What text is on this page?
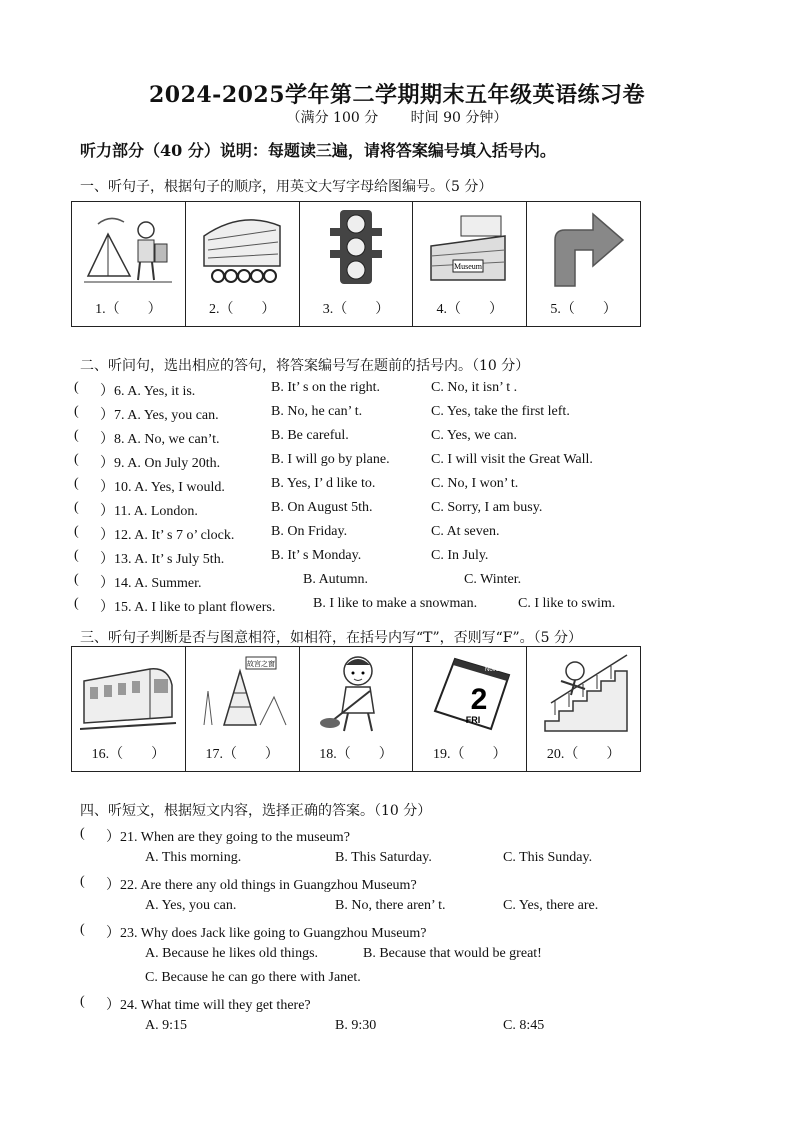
2024-2025学年第二学期期末五年级英语练习卷
（满分 100 分 时间 90 分钟）
听力部分（40 分）说明：每题读三遍，请将答案编号填入括号内。
一、听句子，根据句子的顺序，用英文大写字母给图编号。（5 分）
1.（　　）	2.（　　）	3.（　　）
Museum
4.（　　）	5.（　　）
二、听问句，选出相应的答句，将答案编号写在题前的括号内。（10 分）
( ）6. A. Yes, it is.	B. It’ s on the right.	C. No, it isn’ t .
( ）7. A. Yes, you can.	B. No, he can’ t.	C. Yes, take the first left.
( ）8. A. No, we can’t.	B. Be careful.	C. Yes, we can.
( ）9. A. On July 20th.	B. I will go by plane.	C. I will visit the Great Wall.
( ）10. A. Yes, I would.	B. Yes, I’ d like to.	C. No, I won’ t.
( ）11. A. London.	B. On August 5th.	C. Sorry, I am busy.
( ）12. A. It’ s 7 o’ clock.	B. On Friday.	C. At seven.
( ）13. A. It’ s July 5th.	B. It’ s Monday.	C. In July.
( ）14. A. Summer.	B. Autumn.	C. Winter.
( ）15. A. I like to plant flowers.	B. I like to make a snowman.	C. I like to swim.
三、听句子判断是否与图意相符，如相符，在括号内写“T”，否则写“F”。（5 分）
16.（　　）
故宫之窗
17.（　　）	18.（　　）
November
2
FRI
19.（　　）	20.（　　）
四、听短文，根据短文内容，选择正确的答案。（10 分）
( ）21. When are they going to the museum?
A. This morning.	B. This Saturday.	C. This Sunday.
( ）22. Are there any old things in Guangzhou Museum?
A. Yes, you can.	B. No, there aren’ t.	C. Yes, there are.
( ）23. Why does Jack like going to Guangzhou Museum?
A. Because he likes old things.	B. Because that would be great!
C. Because he can go there with Janet.
( ）24. What time will they get there?
A. 9:15	B. 9:30	C. 8:45
